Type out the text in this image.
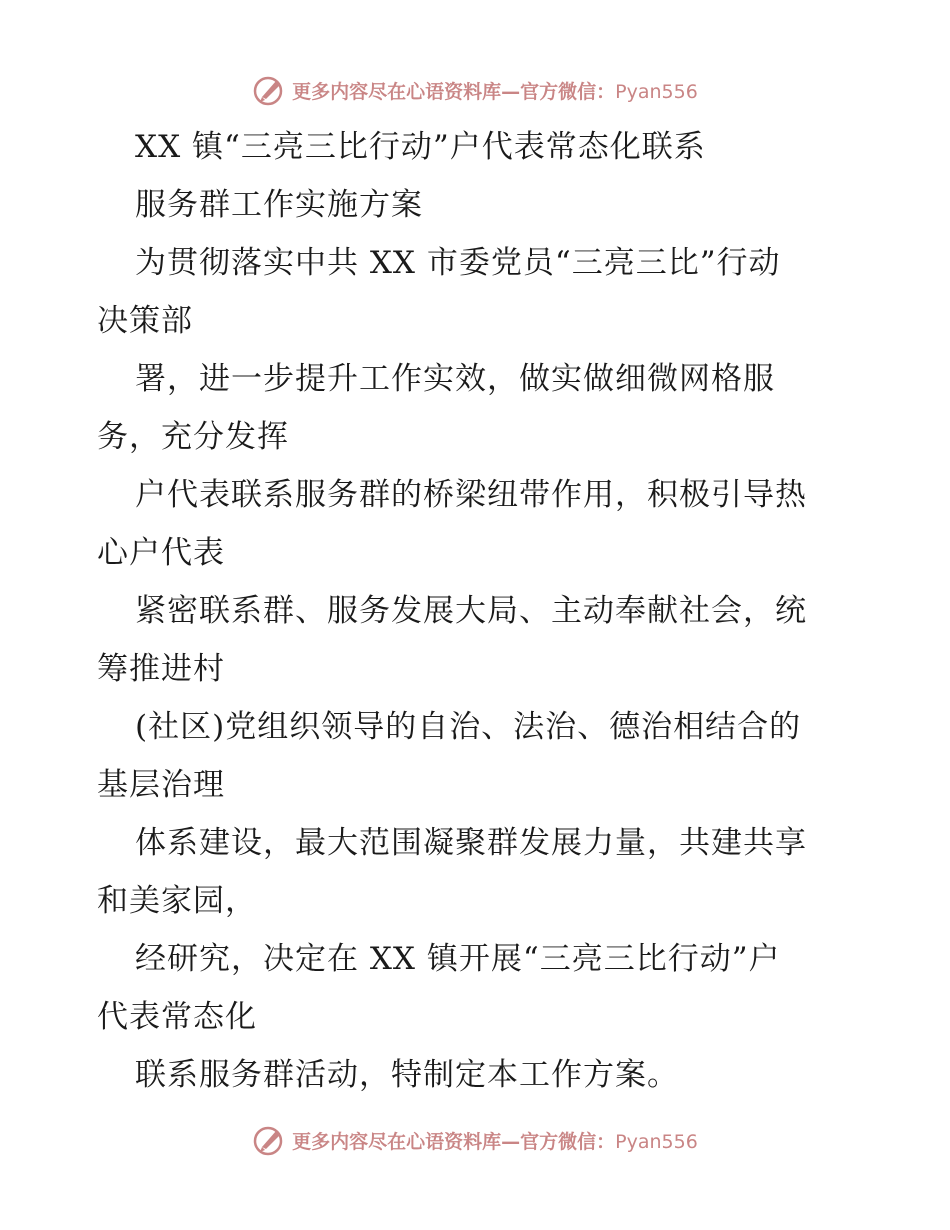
更多内容尽在心语资料库—官方微信：Pyan556
XX 镇“三亮三比行动”户代表常态化联系
服务群工作实施方案
为贯彻落实中共 XX 市委党员“三亮三比”行动
决策部
署，进一步提升工作实效，做实做细微网格服
务，充分发挥
户代表联系服务群的桥梁纽带作用，积极引导热
心户代表
紧密联系群、服务发展大局、主动奉献社会，统
筹推进村
(社区)党组织领导的自治、法治、德治相结合的
基层治理
体系建设，最大范围凝聚群发展力量，共建共享
和美家园，
经研究，决定在 XX 镇开展“三亮三比行动”户
代表常态化
联系服务群活动，特制定本工作方案。
更多内容尽在心语资料库—官方微信：Pyan556
